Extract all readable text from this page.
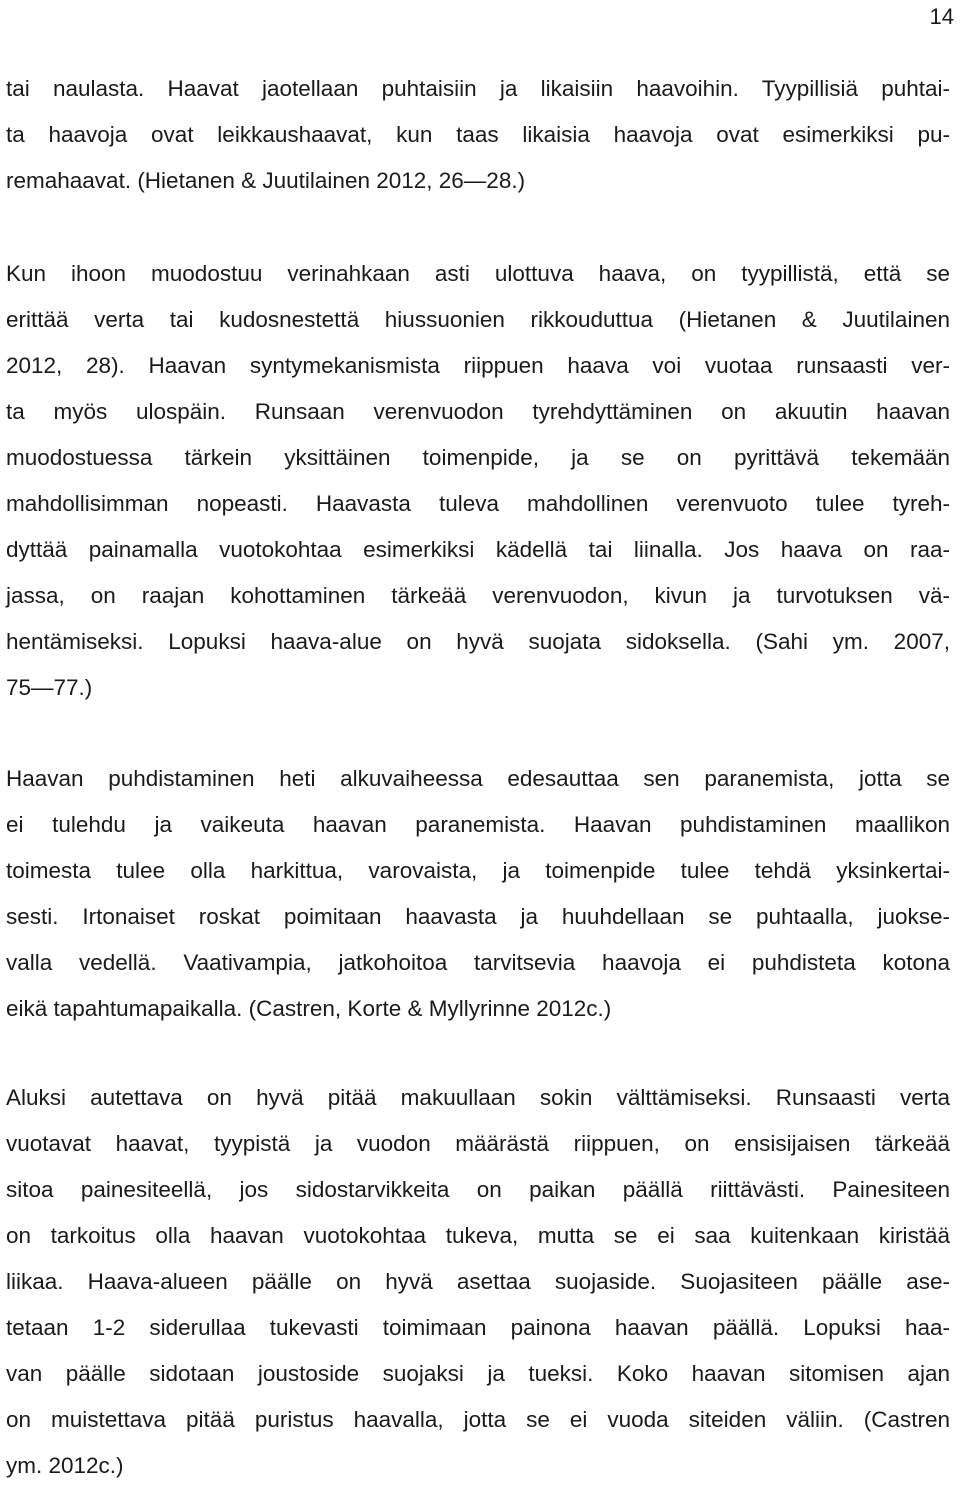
14
tai naulasta. Haavat jaotellaan puhtaisiin ja likaisiin haavoihin. Tyypillisiä puhtai-
ta haavoja ovat leikkaushaavat, kun taas likaisia haavoja ovat esimerkiksi pu-
remahaavat. (Hietanen & Juutilainen 2012, 26—28.)
Kun ihoon muodostuu verinahkaan asti ulottuva haava, on tyypillistä, että se
erittää verta tai kudosnestettä hiussuonien rikkouduttua (Hietanen & Juutilainen
2012, 28). Haavan syntymekanismista riippuen haava voi vuotaa runsaasti ver-
ta myös ulospäin. Runsaan verenvuodon tyrehdyttäminen on akuutin haavan
muodostuessa tärkein yksittäinen toimenpide, ja se on pyrittävä tekemään
mahdollisimman nopeasti. Haavasta tuleva mahdollinen verenvuoto tulee tyreh-
dyttää painamalla vuotokohtaa esimerkiksi kädellä tai liinalla. Jos haava on raa-
jassa, on raajan kohottaminen tärkeää verenvuodon, kivun ja turvotuksen vä-
hentämiseksi. Lopuksi haava-alue on hyvä suojata sidoksella. (Sahi ym. 2007,
75—77.)
Haavan puhdistaminen heti alkuvaiheessa edesauttaa sen paranemista, jotta se
ei tulehdu ja vaikeuta haavan paranemista. Haavan puhdistaminen maallikon
toimesta tulee olla harkittua, varovaista, ja toimenpide tulee tehdä yksinkertai-
sesti. Irtonaiset roskat poimitaan haavasta ja huuhdellaan se puhtaalla, juokse-
valla vedellä. Vaativampia, jatkohoitoa tarvitsevia haavoja ei puhdisteta kotona
eikä tapahtumapaikalla. (Castren, Korte & Myllyrinne 2012c.)
Aluksi autettava on hyvä pitää makuullaan sokin välttämiseksi. Runsaasti verta
vuotavat haavat, tyypistä ja vuodon määrästä riippuen, on ensisijaisen tärkeää
sitoa painesiteellä, jos sidostarvikkeita on paikan päällä riittävästi. Painesiteen
on tarkoitus olla haavan vuotokohtaa tukeva, mutta se ei saa kuitenkaan kiristää
liikaa. Haava-alueen päälle on hyvä asettaa suojaside. Suojasiteen päälle ase-
tetaan 1-2 siderullaa tukevasti toimimaan painona haavan päällä. Lopuksi haa-
van päälle sidotaan joustoside suojaksi ja tueksi. Koko haavan sitomisen ajan
on muistettava pitää puristus haavalla, jotta se ei vuoda siteiden väliin. (Castren
ym. 2012c.)
